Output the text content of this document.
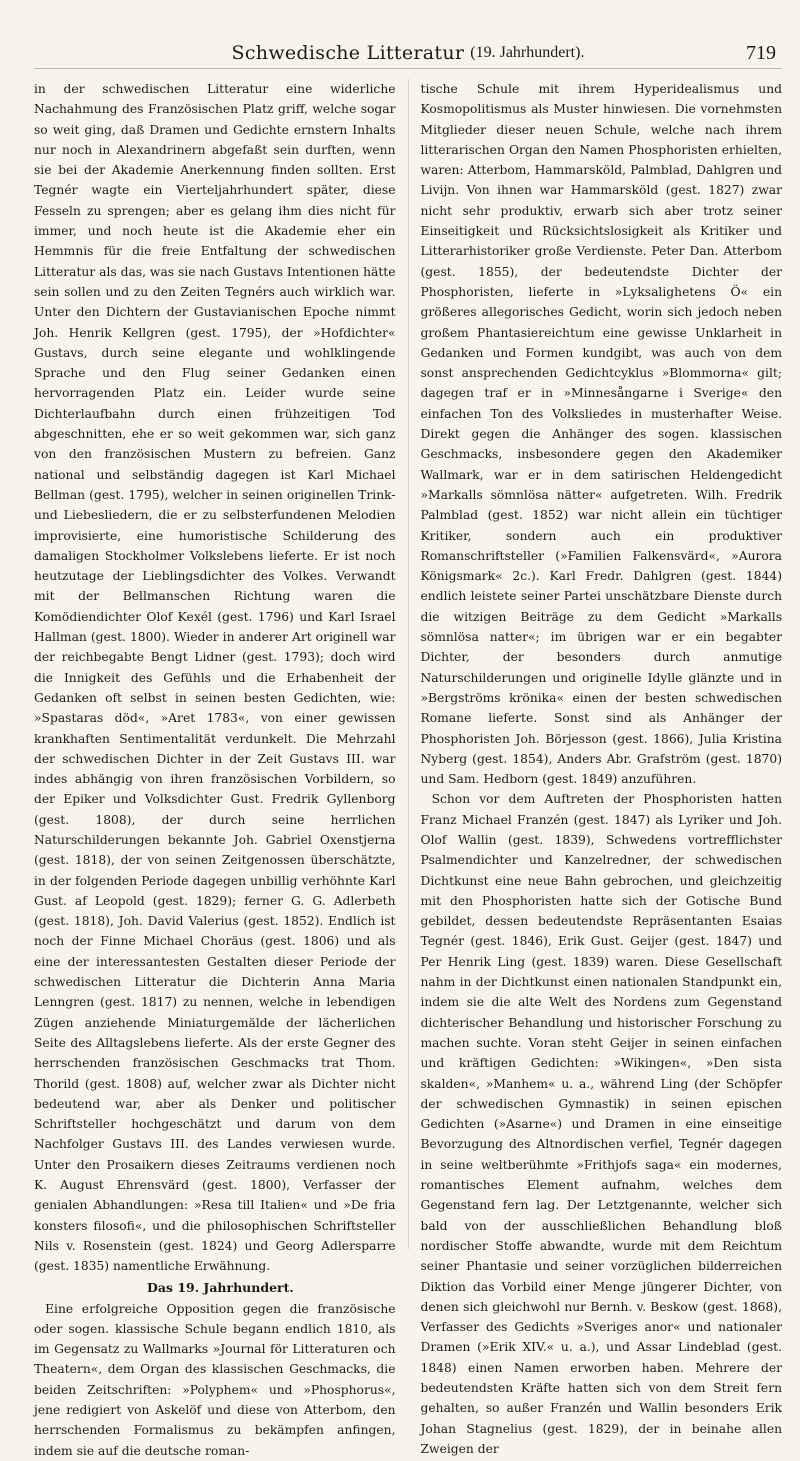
Schwedische Litteratur (19. Jahrhundert).	719

in der schwedischen Litteratur eine widerliche Nachahmung des Französischen Platz griff, welche sogar so weit ging, daß Dramen und Gedichte ernstern Inhalts nur noch in Alexandrinern abgefaßt sein durften, wenn sie bei der Akademie Anerkennung finden sollten. Erst Tegnér wagte ein Vierteljahrhundert später, diese Fesseln zu sprengen; aber es gelang ihm dies nicht für immer, und noch heute ist die Akademie eher ein Hemmnis für die freie Entfaltung der schwedischen Litteratur als das, was sie nach Gustavs Intentionen hätte sein sollen und zu den Zeiten Tegnérs auch wirklich war. Unter den Dichtern der Gustavianischen Epoche nimmt Joh. Henrik Kellgren (gest. 1795), der »Hofdichter« Gustavs, durch seine elegante und wohlklingende Sprache und den Flug seiner Gedanken einen hervorragenden Platz ein. Leider wurde seine Dichterlaufbahn durch einen frühzeitigen Tod abgeschnitten, ehe er so weit gekommen war, sich ganz von den französischen Mustern zu befreien. Ganz national und selbständig dagegen ist Karl Michael Bellman (gest. 1795), welcher in seinen originellen Trink- und Liebesliedern, die er zu selbsterfundenen Melodien improvisierte, eine humoristische Schilderung des damaligen Stockholmer Volkslebens lieferte. Er ist noch heutzutage der Lieblingsdichter des Volkes. Verwandt mit der Bellmanschen Richtung waren die Komödiendichter Olof Kexél (gest. 1796) und Karl Israel Hallman (gest. 1800). Wieder in anderer Art originell war der reichbegabte Bengt Lidner (gest. 1793); doch wird die Innigkeit des Gefühls und die Erhabenheit der Gedanken oft selbst in seinen besten Gedichten, wie: »Spastaras död«, »Aret 1783«, von einer gewissen krankhaften Sentimentalität verdunkelt. Die Mehrzahl der schwedischen Dichter in der Zeit Gustavs III. war indes abhängig von ihren französischen Vorbildern, so der Epiker und Volksdichter Gust. Fredrik Gyllenborg (gest. 1808), der durch seine herrlichen Naturschilderungen bekannte Joh. Gabriel Oxenstjerna (gest. 1818), der von seinen Zeitgenossen überschätzte, in der folgenden Periode dagegen unbillig verhöhnte Karl Gust. af Leopold (gest. 1829); ferner G. G. Adlerbeth (gest. 1818), Joh. David Valerius (gest. 1852). Endlich ist noch der Finne Michael Choräus (gest. 1806) und als eine der interessantesten Gestalten dieser Periode der schwedischen Litteratur die Dichterin Anna Maria Lenngren (gest. 1817) zu nennen, welche in lebendigen Zügen anziehende Miniaturgemälde der lächerlichen Seite des Alltagslebens lieferte. Als der erste Gegner des herrschenden französischen Geschmacks trat Thom. Thorild (gest. 1808) auf, welcher zwar als Dichter nicht bedeutend war, aber als Denker und politischer Schriftsteller hochgeschätzt und darum von dem Nachfolger Gustavs III. des Landes verwiesen wurde. Unter den Prosaikern dieses Zeitraums verdienen noch K. August Ehrensvärd (gest. 1800), Verfasser der genialen Abhandlungen: »Resa till Italien« und »De fria konsters filosofi«, und die philosophischen Schriftsteller Nils v. Rosenstein (gest. 1824) und Georg Adlersparre (gest. 1835) namentliche Erwähnung.

Das 19. Jahrhundert.

Eine erfolgreiche Opposition gegen die französische oder sogen. klassische Schule begann endlich 1810, als im Gegensatz zu Wallmarks »Journal för Litteraturen och Theatern«, dem Organ des klassischen Geschmacks, die beiden Zeitschriften: »Polyphem« und »Phosphorus«, jene redigiert von Askelöf und diese von Atterbom, den herrschenden Formalismus zu bekämpfen anfingen, indem sie auf die deutsche roman-

tische Schule mit ihrem Hyperidealismus und Kosmopolitismus als Muster hinwiesen. Die vornehmsten Mitglieder dieser neuen Schule, welche nach ihrem litterarischen Organ den Namen Phosphoristen erhielten, waren: Atterbom, Hammarsköld, Palmblad, Dahlgren und Livijn. Von ihnen war Hammarsköld (gest. 1827) zwar nicht sehr produktiv, erwarb sich aber trotz seiner Einseitigkeit und Rücksichtslosigkeit als Kritiker und Litterarhistoriker große Verdienste. Peter Dan. Atterbom (gest. 1855), der bedeutendste Dichter der Phosphoristen, lieferte in »Lyksalighetens Ö« ein größeres allegorisches Gedicht, worin sich jedoch neben großem Phantasiereichtum eine gewisse Unklarheit in Gedanken und Formen kundgibt, was auch von dem sonst ansprechenden Gedichtcyklus »Blommorna« gilt; dagegen traf er in »Minnesångarne i Sverige« den einfachen Ton des Volksliedes in musterhafter Weise. Direkt gegen die Anhänger des sogen. klassischen Geschmacks, insbesondere gegen den Akademiker Wallmark, war er in dem satirischen Heldengedicht »Markalls sömnlösa nätter« aufgetreten. Wilh. Fredrik Palmblad (gest. 1852) war nicht allein ein tüchtiger Kritiker, sondern auch ein produktiver Romanschriftsteller (»Familien Falkensvärd«, »Aurora Königsmark« 2c.). Karl Fredr. Dahlgren (gest. 1844) endlich leistete seiner Partei unschätzbare Dienste durch die witzigen Beiträge zu dem Gedicht »Markalls sömnlösa natter«; im übrigen war er ein begabter Dichter, der besonders durch anmutige Naturschilderungen und originelle Idylle glänzte und in »Bergströms krönika« einen der besten schwedischen Romane lieferte. Sonst sind als Anhänger der Phosphoristen Joh. Börjesson (gest. 1866), Julia Kristina Nyberg (gest. 1854), Anders Abr. Grafström (gest. 1870) und Sam. Hedborn (gest. 1849) anzuführen.

Schon vor dem Auftreten der Phosphoristen hatten Franz Michael Franzén (gest. 1847) als Lyriker und Joh. Olof Wallin (gest. 1839), Schwedens vortrefflichster Psalmendichter und Kanzelredner, der schwedischen Dichtkunst eine neue Bahn gebrochen, und gleichzeitig mit den Phosphoristen hatte sich der Gotische Bund gebildet, dessen bedeutendste Repräsentanten Esaias Tegnér (gest. 1846), Erik Gust. Geijer (gest. 1847) und Per Henrik Ling (gest. 1839) waren. Diese Gesellschaft nahm in der Dichtkunst einen nationalen Standpunkt ein, indem sie die alte Welt des Nordens zum Gegenstand dichterischer Behandlung und historischer Forschung zu machen suchte. Voran steht Geijer in seinen einfachen und kräftigen Gedichten: »Wikingen«, »Den sista skalden«, »Manhem« u. a., während Ling (der Schöpfer der schwedischen Gymnastik) in seinen epischen Gedichten (»Asarne«) und Dramen in eine einseitige Bevorzugung des Altnordischen verfiel, Tegnér dagegen in seine weltberühmte »Frithjofs saga« ein modernes, romantisches Element aufnahm, welches dem Gegenstand fern lag. Der Letztgenannte, welcher sich bald von der ausschließlichen Behandlung bloß nordischer Stoffe abwandte, wurde mit dem Reichtum seiner Phantasie und seiner vorzüglichen bilderreichen Diktion das Vorbild einer Menge jüngerer Dichter, von denen sich gleichwohl nur Bernh. v. Beskow (gest. 1868), Verfasser des Gedichts »Sveriges anor« und nationaler Dramen (»Erik XIV.« u. a.), und Assar Lindeblad (gest. 1848) einen Namen erworben haben. Mehrere der bedeutendsten Kräfte hatten sich von dem Streit fern gehalten, so außer Franzén und Wallin besonders Erik Johan Stagnelius (gest. 1829), der in beinahe allen Zweigen der
